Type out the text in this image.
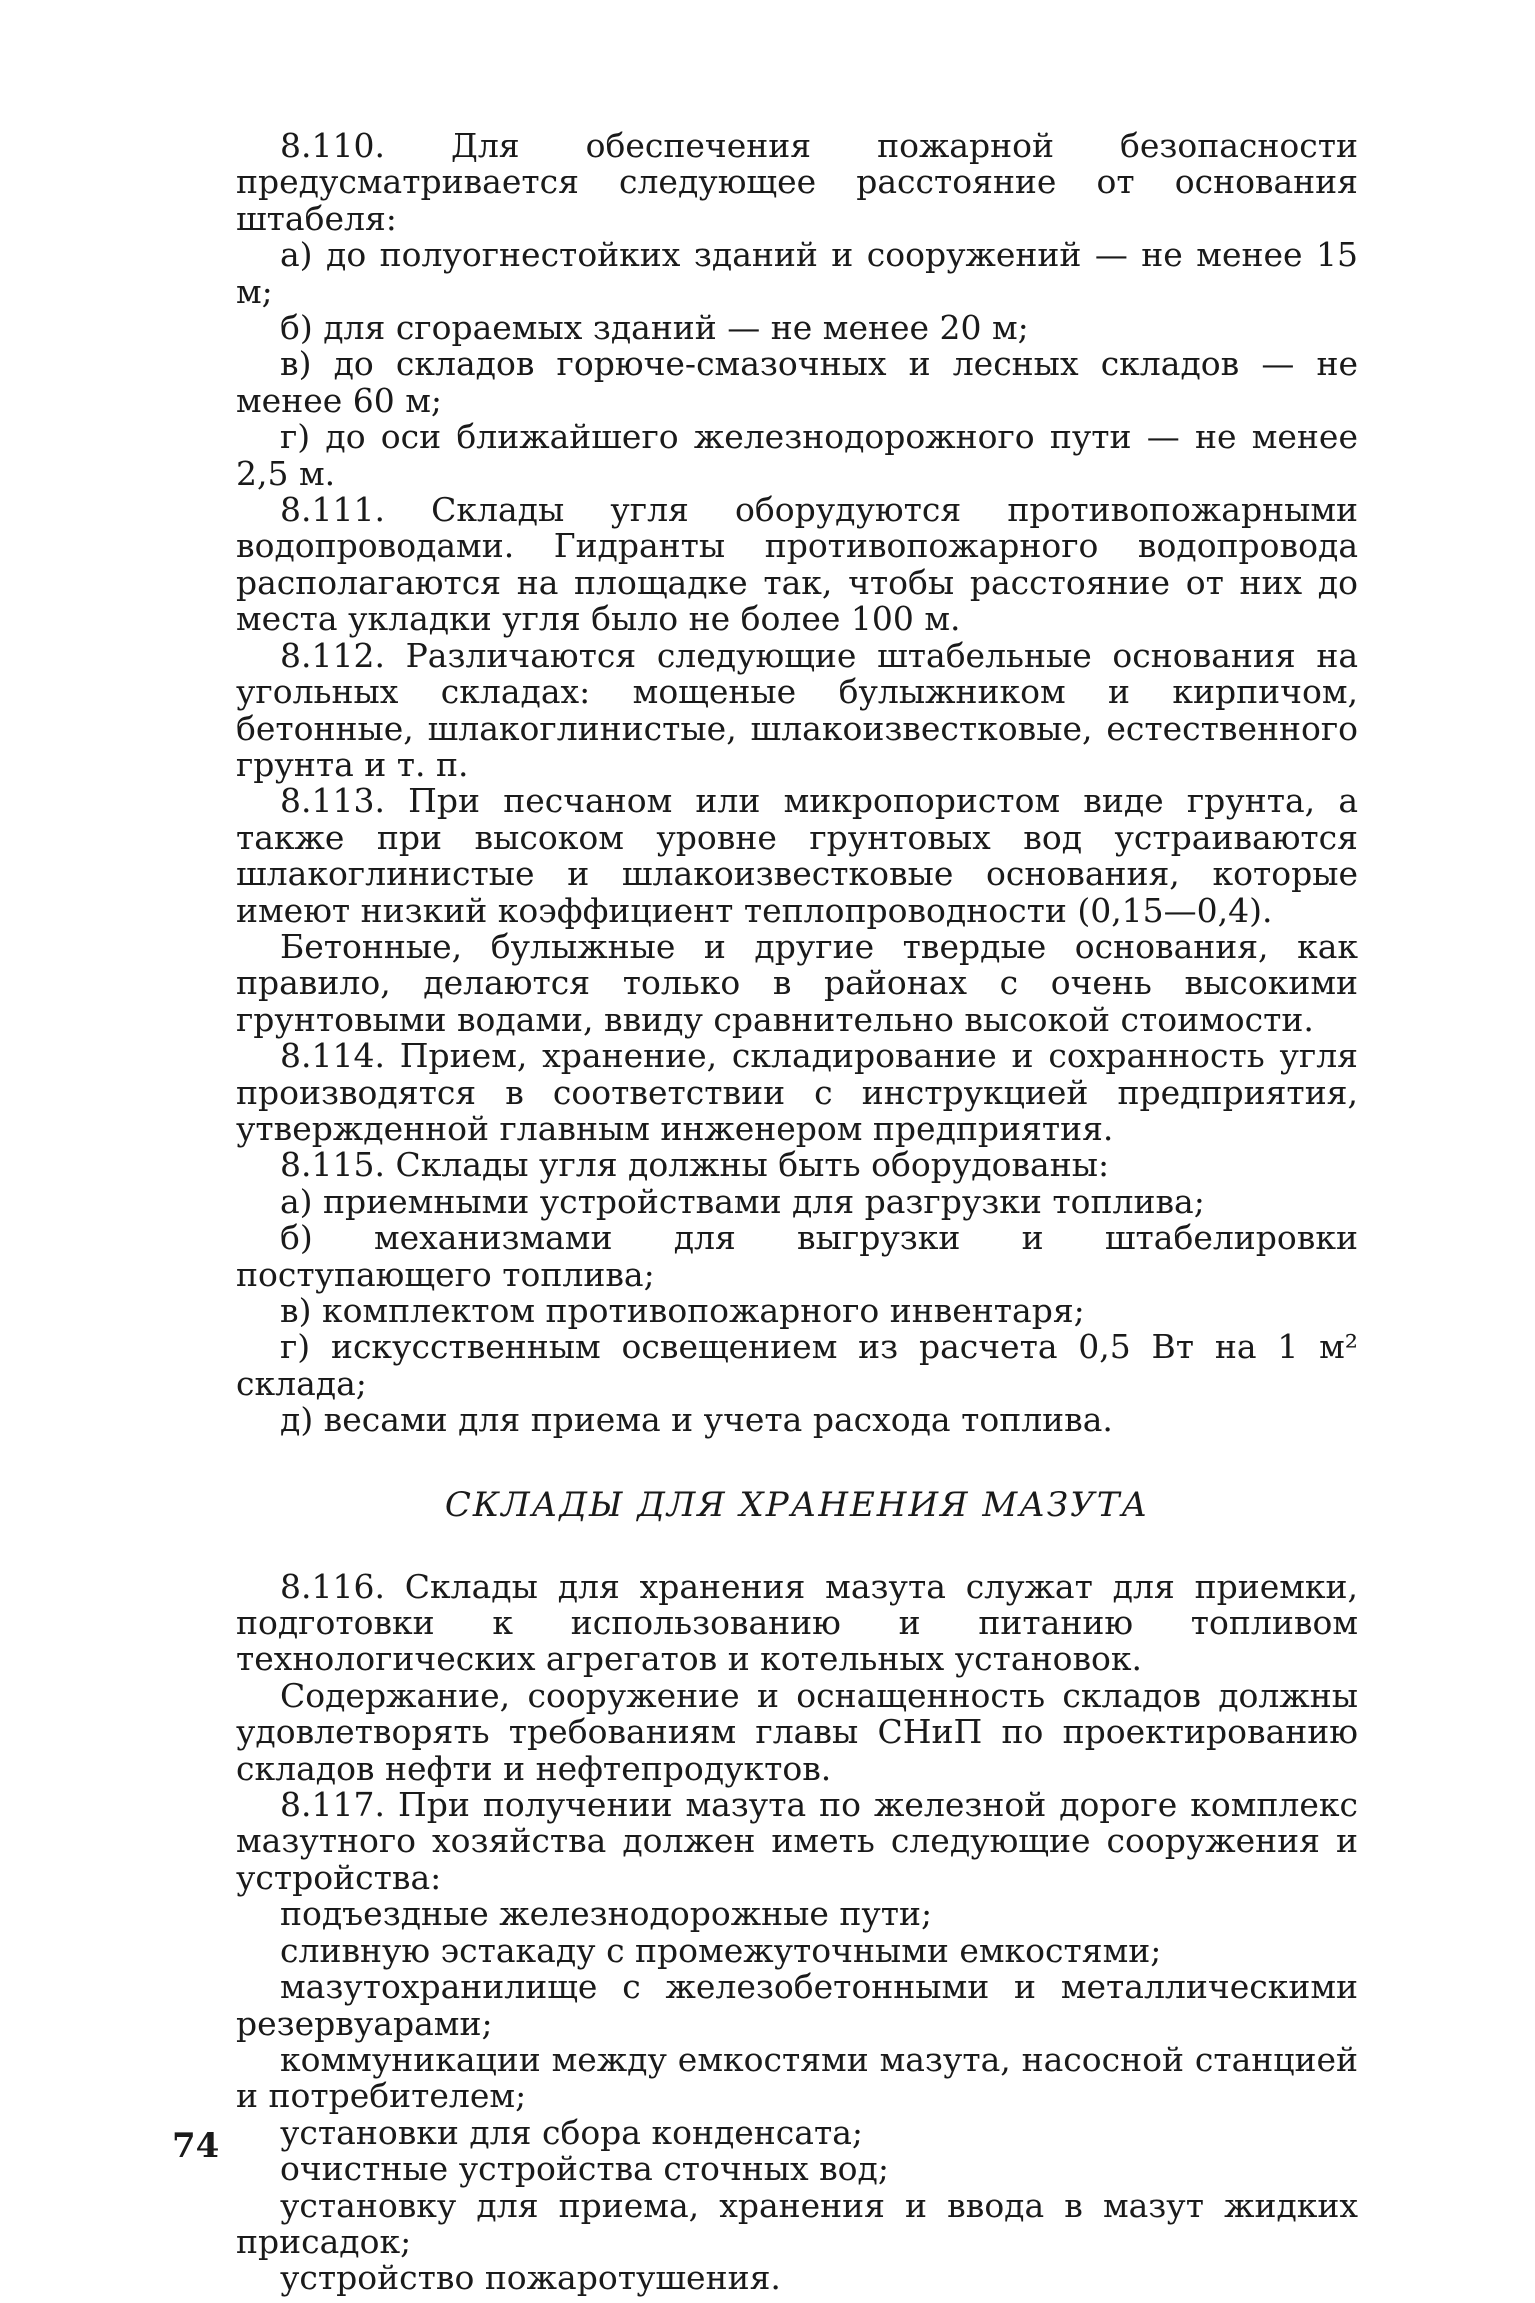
8.110. Для обеспечения пожарной безопасности предусматривается следующее расстояние от основания штабеля:

а) до полуогнестойких зданий и сооружений — не менее 15 м;

б) для сгораемых зданий — не менее 20 м;

в) до складов горюче-смазочных и лесных складов — не менее 60 м;

г) до оси ближайшего железнодорожного пути — не менее 2,5 м.

8.111. Склады угля оборудуются противопожарными водопроводами. Гидранты противопожарного водопровода располагаются на площадке так, чтобы расстояние от них до места укладки угля было не более 100 м.

8.112. Различаются следующие штабельные основания на угольных складах: мощеные булыжником и кирпичом, бетонные, шлакоглинистые, шлакоизвестковые, естественного грунта и т. п.

8.113. При песчаном или микропористом виде грунта, а также при высоком уровне грунтовых вод устраиваются шлакоглинистые и шлакоизвестковые основания, которые имеют низкий коэффициент теплопроводности (0,15—0,4).

Бетонные, булыжные и другие твердые основания, как правило, делаются только в районах с очень высокими грунтовыми водами, ввиду сравнительно высокой стоимости.

8.114. Прием, хранение, складирование и сохранность угля производятся в соответствии с инструкцией предприятия, утвержденной главным инженером предприятия.

8.115. Склады угля должны быть оборудованы:

а) приемными устройствами для разгрузки топлива;

б) механизмами для выгрузки и штабелировки поступающего топлива;

в) комплектом противопожарного инвентаря;

г) искусственным освещением из расчета 0,5 Вт на 1 м² склада;

д) весами для приема и учета расхода топлива.

СКЛАДЫ ДЛЯ ХРАНЕНИЯ МАЗУТА

8.116. Склады для хранения мазута служат для приемки, подготовки к использованию и питанию топливом технологических агрегатов и котельных установок.

Содержание, сооружение и оснащенность складов должны удовлетворять требованиям главы СНиП по проектированию складов нефти и нефтепродуктов.

8.117. При получении мазута по железной дороге комплекс мазутного хозяйства должен иметь следующие сооружения и устройства:

подъездные железнодорожные пути;

сливную эстакаду с промежуточными емкостями;

мазутохранилище с железобетонными и металлическими резервуарами;

коммуникации между емкостями мазута, насосной станцией и потребителем;

установки для сбора конденсата;

очистные устройства сточных вод;

установку для приема, хранения и ввода в мазут жидких присадок;

устройство пожаротушения.

74
